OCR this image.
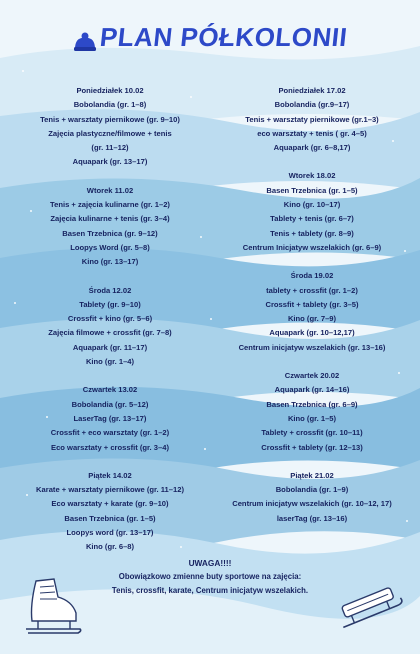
PLAN PÓŁKOLONII
Poniedziałek 10.02
Bobolandia (gr. 1–8)
Tenis + warsztaty piernikowe (gr. 9–10)
Zajęcia plastyczne/filmowe + tenis
(gr. 11–12)
Aquapark (gr. 13–17)
Wtorek 11.02
Tenis + zajęcia kulinarne (gr. 1–2)
Zajęcia kulinarne + tenis (gr. 3–4)
Basen Trzebnica (gr. 9–12)
Loopys Word (gr. 5–8)
Kino (gr. 13–17)
Środa 12.02
Tablety (gr. 9–10)
Crossfit + kino (gr. 5–6)
Zajęcia filmowe + crossfit (gr. 7–8)
Aquapark (gr. 11–17)
Kino (gr. 1–4)
Czwartek 13.02
Bobolandia (gr. 5–12)
LaserTag (gr. 13–17)
Crossfit + eco warsztaty (gr. 1–2)
Eco warsztaty + crossfit (gr. 3–4)
Piątek 14.02
Karate + warsztaty piernikowe (gr. 11–12)
Eco warsztaty + karate (gr. 9–10)
Basen Trzebnica (gr. 1–5)
Loopys word (gr. 13–17)
Kino (gr. 6–8)
Poniedziałek 17.02
Bobolandia (gr.9–17)
Tenis + warsztaty piernikowe (gr.1–3)
eco warsztaty + tenis ( gr. 4–5)
Aquapark (gr. 6–8,17)
Wtorek 18.02
Basen Trzebnica (gr. 1–5)
Kino (gr. 10–17)
Tablety + tenis (gr. 6–7)
Tenis + tablety (gr. 8–9)
Centrum Inicjatyw wszelakich (gr. 6–9)
Środa 19.02
tablety + crossfit (gr. 1–2)
Crossfit + tablety (gr. 3–5)
Kino (gr. 7–9)
Aquapark (gr. 10–12,17)
Centrum inicjatyw wszelakich (gr. 13–16)
Czwartek 20.02
Aquapark (gr. 14–16)
Basen Trzebnica (gr. 6–9)
Kino (gr. 1–5)
Tablety + crossfit (gr. 10–11)
Crossfit + tablety (gr. 12–13)
Piątek 21.02
Bobolandia (gr. 1–9)
Centrum inicjatyw wszelakich (gr. 10–12, 17)
laserTag (gr. 13–16)
UWAGA!!!!
Obowiązkowo zmienne buty sportowe na zajęcia:
Tenis, crossfit, karate, Centrum inicjatyw wszelakich.
